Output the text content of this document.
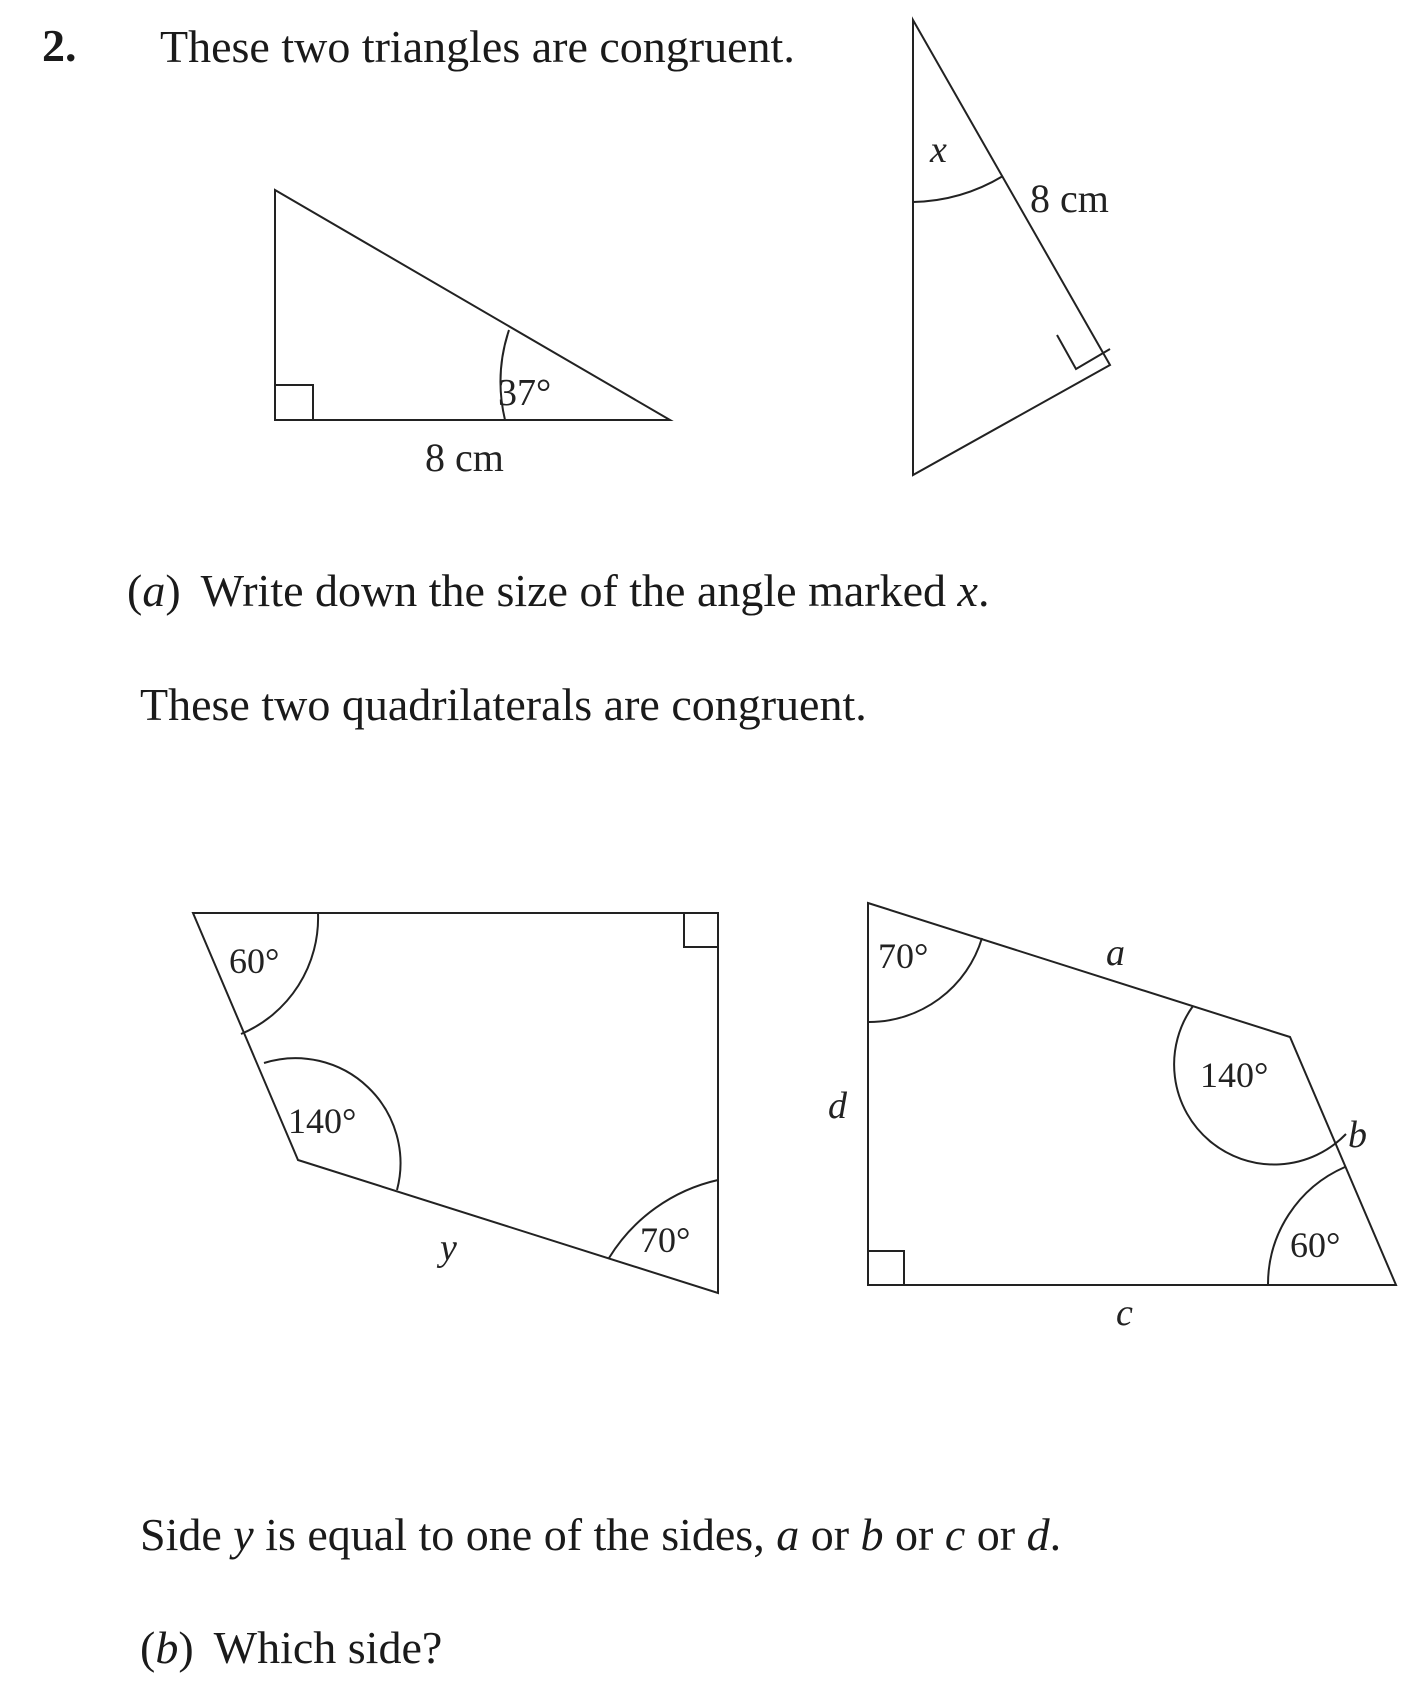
2. These two triangles are congruent.
(a) Write down the size of the angle marked x.
These two quadrilaterals are congruent.
Side y is equal to one of the sides, a or b or c or d.
(b) Which side?
37°
8 cm
x
8 cm
60°
140°
70°
y
70°
140°
60°
a
b
c
d
